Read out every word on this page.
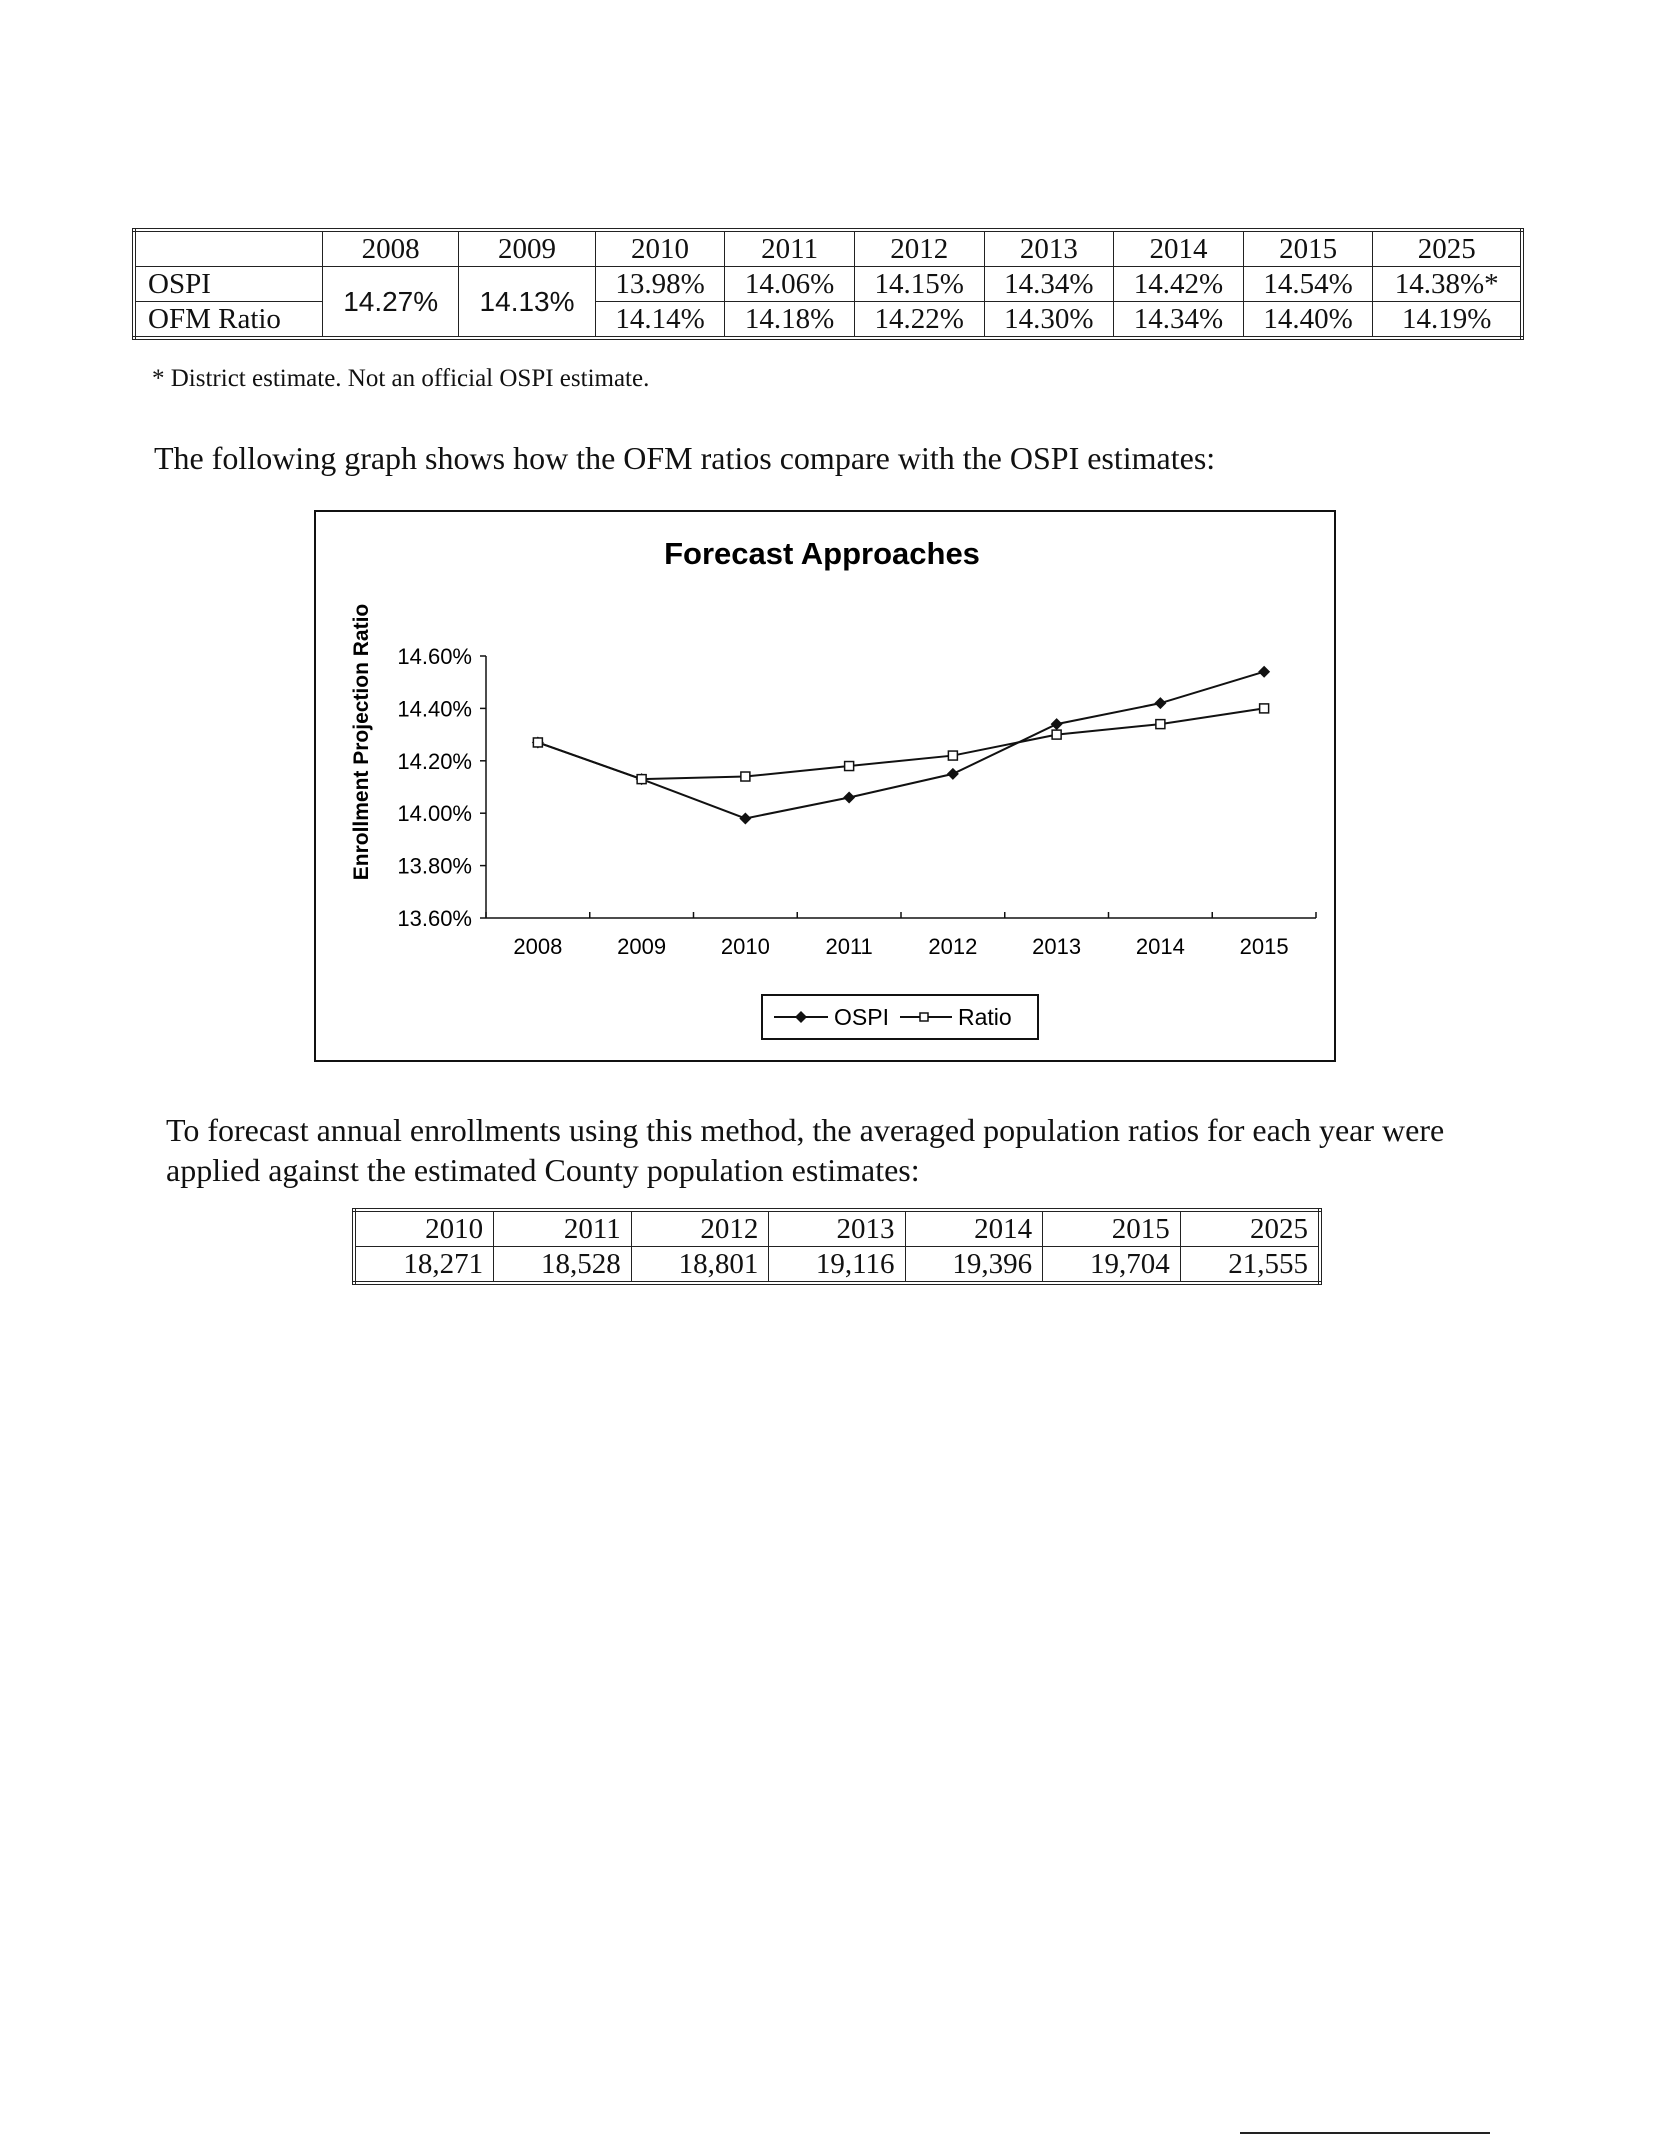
	2008	2009	2010	2011	2012	2013	2014	2015	2025
OSPI	14.27%	14.13%	13.98%	14.06%	14.15%	14.34%	14.42%	14.54%	14.38%*
OFM Ratio			14.14%	14.18%	14.22%	14.30%	14.34%	14.40%	14.19%
* District estimate. Not an official OSPI estimate.
The following graph shows how the OFM ratios compare with the OSPI estimates:
Forecast Approaches
Enrollment Projection Ratio
13.60%
13.80%
14.00%
14.20%
14.40%
14.60%
2008 2009 2010	2011	2012 2013 2014 2015
OSPI	Ratio
To forecast annual enrollments using this method, the averaged population ratios for each year were applied against the estimated County population estimates:
2010	2011	2012	2013	2014	2015	2025
18,271	18,528	18,801	19,116	19,396	19,704	21,555
